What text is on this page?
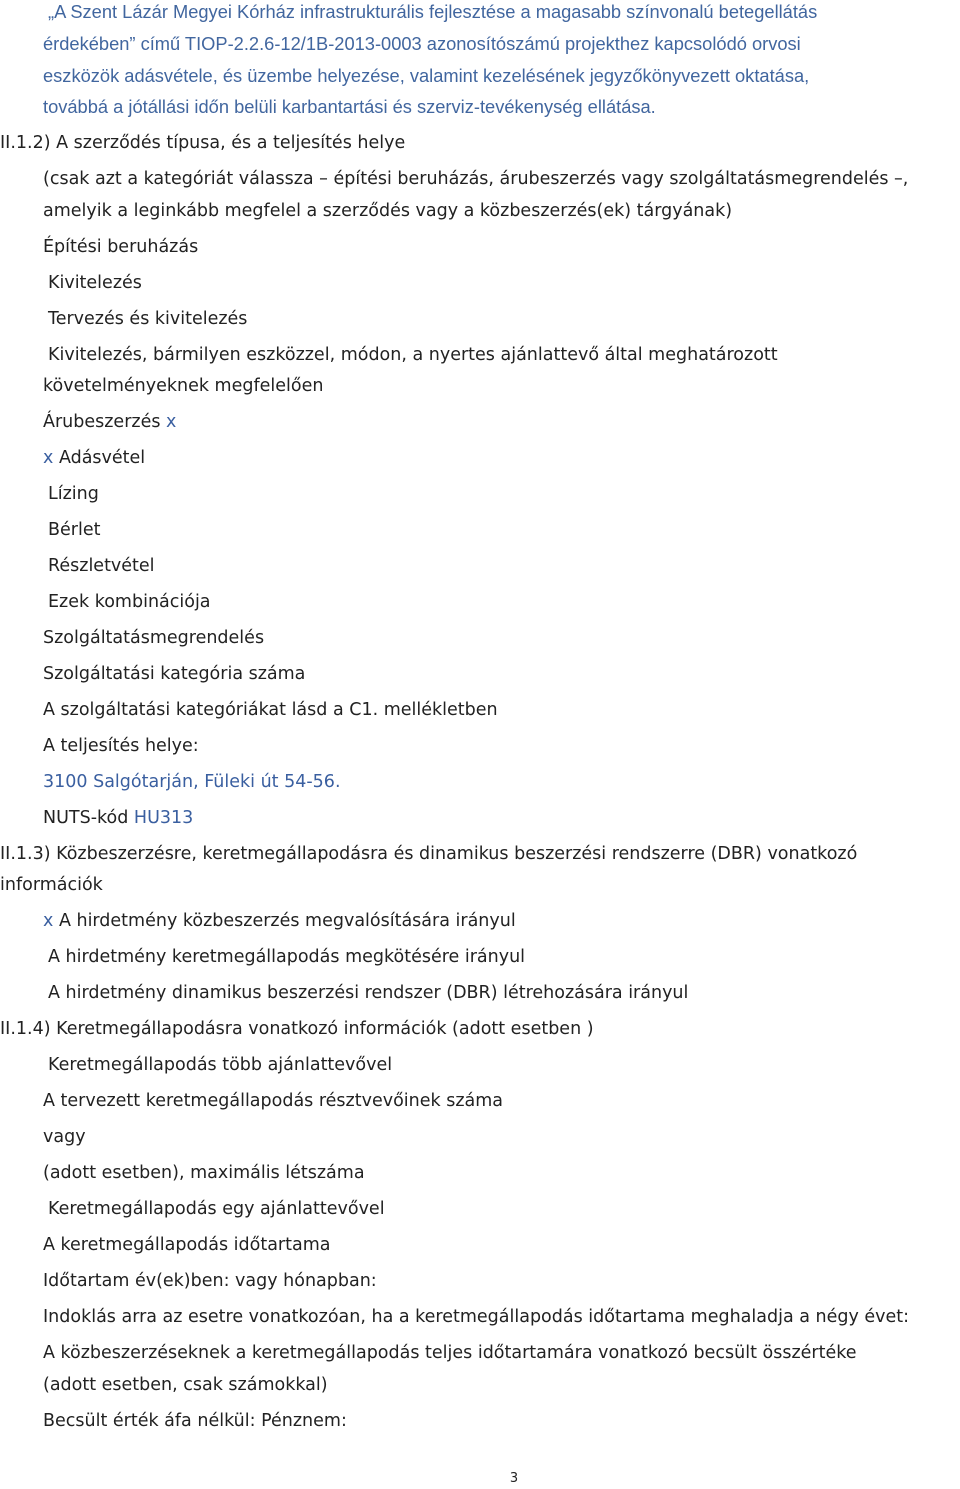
„A Szent Lázár Megyei Kórház infrastrukturális fejlesztése a magasabb színvonalú betegellátás
érdekében” című TIOP-2.2.6-12/1B-2013-0003 azonosítószámú projekthez kapcsolódó orvosi
eszközök adásvétele, és üzembe helyezése, valamint kezelésének jegyzőkönyvezett oktatása,
továbbá a jótállási időn belüli karbantartási és szerviz-tevékenység ellátása.
II.1.2) A szerződés típusa, és a teljesítés helye
(csak azt a kategóriát válassza – építési beruházás, árubeszerzés vagy szolgáltatásmegrendelés –,
amelyik a leginkább megfelel a szerződés vagy a közbeszerzés(ek) tárgyának)
Építési beruházás
Kivitelezés
Tervezés és kivitelezés
Kivitelezés, bármilyen eszközzel, módon, a nyertes ajánlattevő által meghatározott
követelményeknek megfelelően
Árubeszerzés x
x Adásvétel
Lízing
Bérlet
Részletvétel
Ezek kombinációja
Szolgáltatásmegrendelés
Szolgáltatási kategória száma
A szolgáltatási kategóriákat lásd a C1. mellékletben
A teljesítés helye:
3100 Salgótarján, Füleki út 54-56.
NUTS-kód HU313
II.1.3) Közbeszerzésre, keretmegállapodásra és dinamikus beszerzési rendszerre (DBR) vonatkozó
információk
x A hirdetmény közbeszerzés megvalósítására irányul
A hirdetmény keretmegállapodás megkötésére irányul
A hirdetmény dinamikus beszerzési rendszer (DBR) létrehozására irányul
II.1.4) Keretmegállapodásra vonatkozó információk (adott esetben )
Keretmegállapodás több ajánlattevővel
A tervezett keretmegállapodás résztvevőinek száma
vagy
(adott esetben), maximális létszáma
Keretmegállapodás egy ajánlattevővel
A keretmegállapodás időtartama
Időtartam év(ek)ben: vagy hónapban:
Indoklás arra az esetre vonatkozóan, ha a keretmegállapodás időtartama meghaladja a négy évet:
A közbeszerzéseknek a keretmegállapodás teljes időtartamára vonatkozó becsült összértéke
(adott esetben, csak számokkal)
Becsült érték áfa nélkül: Pénznem:
3
